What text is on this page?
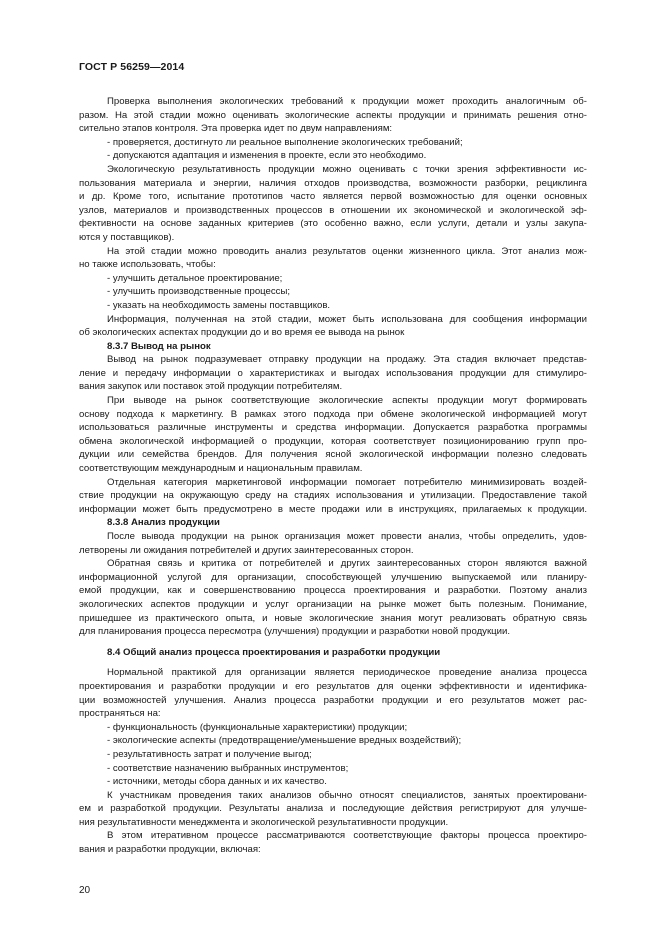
ГОСТ Р 56259—2014
Проверка выполнения экологических требований к продукции может проходить аналогичным об-
разом. На этой стадии можно оценивать экологические аспекты продукции и принимать решения отно-
сительно этапов контроля. Эта проверка идет по двум направлениям:
- проверяется, достигнуто ли реальное выполнение экологических требований;
- допускаются адаптация и изменения в проекте, если это необходимо.
Экологическую результативность продукции можно оценивать с точки зрения эффективности ис-
пользования материала и энергии, наличия отходов производства, возможности разборки, рециклинга
и др. Кроме того, испытание прототипов часто является первой возможностью для оценки основных
узлов, материалов и производственных процессов в отношении их экономической и экологической эф-
фективности на основе заданных критериев (это особенно важно, если услуги, детали и узлы закупа-
ются у поставщиков).
На этой стадии можно проводить анализ результатов оценки жизненного цикла. Этот анализ мож-
но также использовать, чтобы:
- улучшить детальное проектирование;
- улучшить производственные процессы;
- указать на необходимость замены поставщиков.
Информация, полученная на этой стадии, может быть использована для сообщения информации
об экологических аспектах продукции до и во время ее вывода на рынок
8.3.7 Вывод на рынок
Вывод на рынок подразумевает отправку продукции на продажу. Эта стадия включает представ-
ление и передачу информации о характеристиках и выгодах использования продукции для стимулиро-
вания закупок или поставок этой продукции потребителям.
При выводе на рынок соответствующие экологические аспекты продукции могут формировать
основу подхода к маркетингу. В рамках этого подхода при обмене экологической информацией могут
использоваться различные инструменты и средства информации. Допускается разработка программы
обмена экологической информацией о продукции, которая соответствует позиционированию групп про-
дукции или семейства брендов. Для получения ясной экологической информации полезно следовать
соответствующим международным и национальным правилам.
Отдельная категория маркетинговой информации помогает потребителю минимизировать воздей-
ствие продукции на окружающую среду на стадиях использования и утилизации. Предоставление такой
информации может быть предусмотрено в месте продажи или в инструкциях, прилагаемых к продукции.
8.3.8 Анализ продукции
После вывода продукции на рынок организация может провести анализ, чтобы определить, удов-
летворены ли ожидания потребителей и других заинтересованных сторон.
Обратная связь и критика от потребителей и других заинтересованных сторон являются важной
информационной услугой для организации, способствующей улучшению выпускаемой или планиру-
емой продукции, как и совершенствованию процесса проектирования и разработки. Поэтому анализ
экологических аспектов продукции и услуг организации на рынке может быть полезным. Понимание,
пришедшее из практического опыта, и новые экологические знания могут реализовать обратную связь
для планирования процесса пересмотра (улучшения) продукции и разработки новой продукции.
8.4 Общий анализ процесса проектирования и разработки продукции
Нормальной практикой для организации является периодическое проведение анализа процесса
проектирования и разработки продукции и его результатов для оценки эффективности и идентифика-
ции возможностей улучшения. Анализ процесса разработки продукции и его результатов может рас-
пространяться на:
- функциональность (функциональные характеристики) продукции;
- экологические аспекты (предотвращение/уменьшение вредных воздействий);
- результативность затрат и получение выгод;
- соответствие назначению выбранных инструментов;
- источники, методы сбора данных и их качество.
К участникам проведения таких анализов обычно относят специалистов, занятых проектировани-
ем и разработкой продукции. Результаты анализа и последующие действия регистрируют для улучше-
ния результативности менеджмента и экологической результативности продукции.
В этом итеративном процессе рассматриваются соответствующие факторы процесса проектиро-
вания и разработки продукции, включая:
20
